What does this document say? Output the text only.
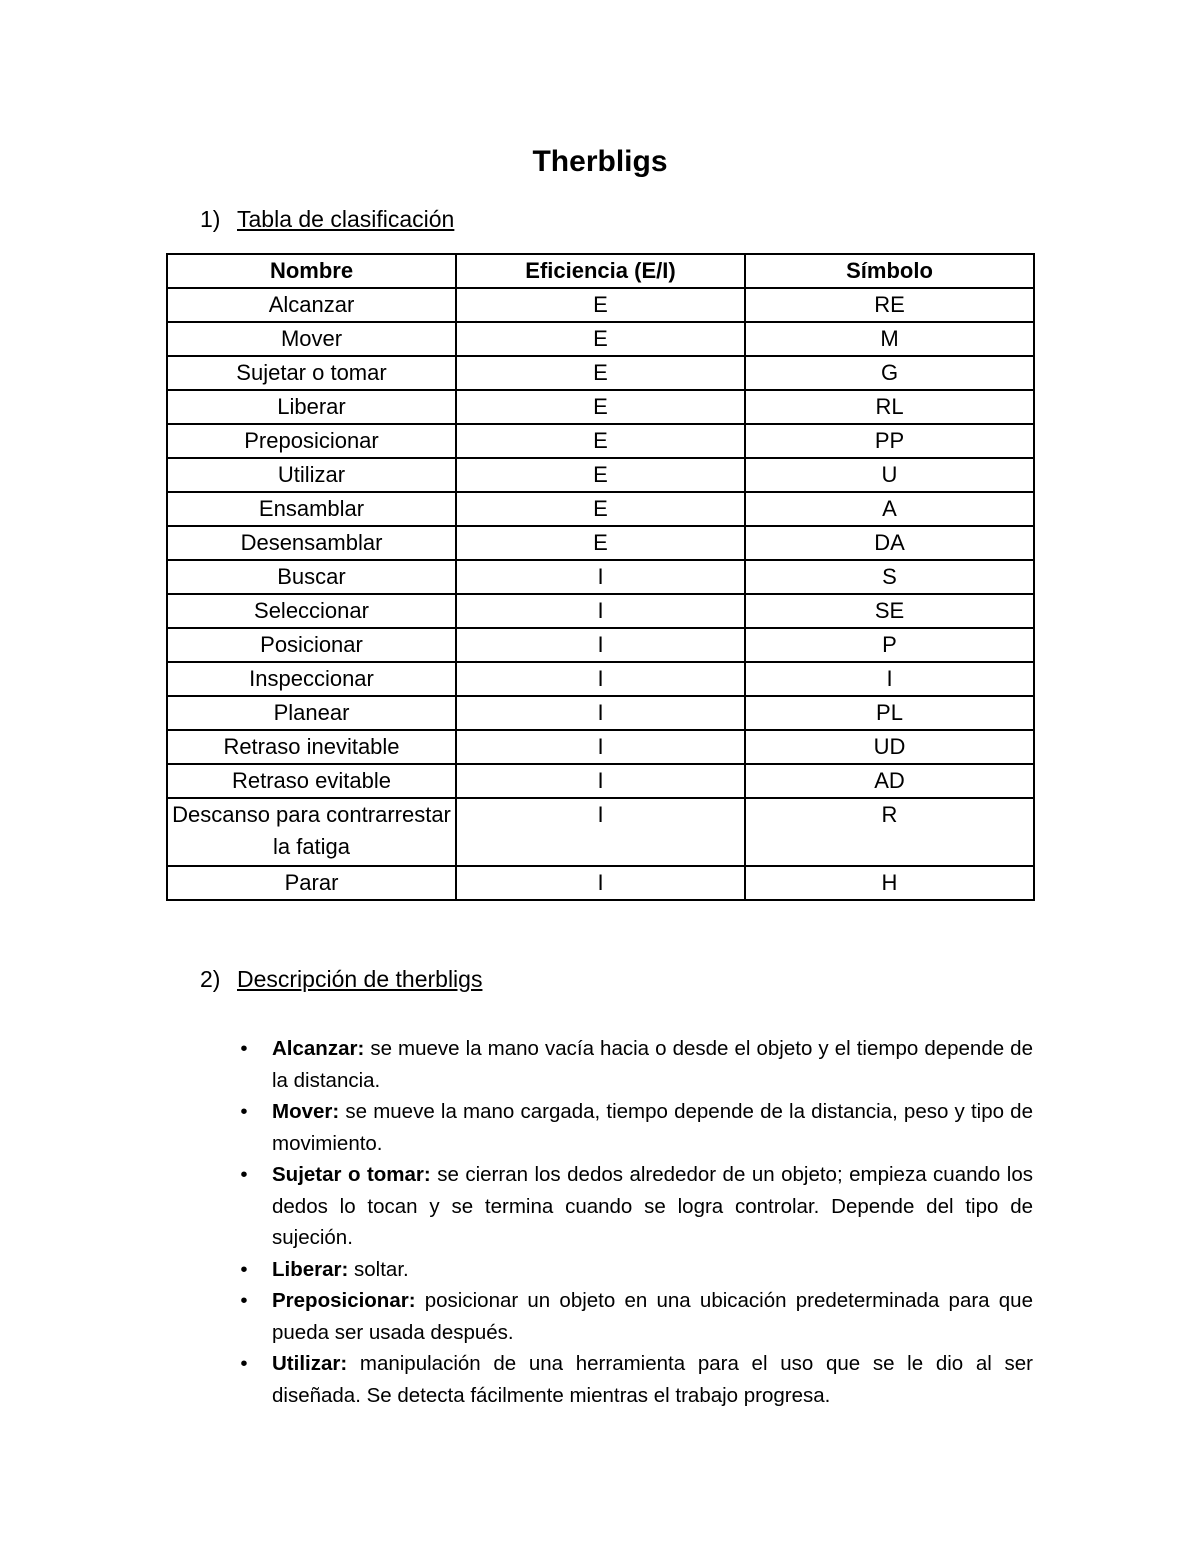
Therbligs
1) Tabla de clasificación
Nombre	Eficiencia (E/I)	Símbolo
Alcanzar	E	RE
Mover	E	M
Sujetar o tomar	E	G
Liberar	E	RL
Preposicionar	E	PP
Utilizar	E	U
Ensamblar	E	A
Desensamblar	E	DA
Buscar	I	S
Seleccionar	I	SE
Posicionar	I	P
Inspeccionar	I	I
Planear	I	PL
Retraso inevitable	I	UD
Retraso evitable	I	AD
Descanso para contrarrestar la fatiga	I	R
Parar	I	H
2) Descripción de therbligs
• Alcanzar: se mueve la mano vacía hacia o desde el objeto y el tiempo depende de la distancia.
• Mover: se mueve la mano cargada, tiempo depende de la distancia, peso y tipo de movimiento.
• Sujetar o tomar: se cierran los dedos alrededor de un objeto; empieza cuando los dedos lo tocan y se termina cuando se logra controlar. Depende del tipo de sujeción.
• Liberar: soltar.
• Preposicionar: posicionar un objeto en una ubicación predeterminada para que pueda ser usada después.
• Utilizar: manipulación de una herramienta para el uso que se le dio al ser diseñada. Se detecta fácilmente mientras el trabajo progresa.
